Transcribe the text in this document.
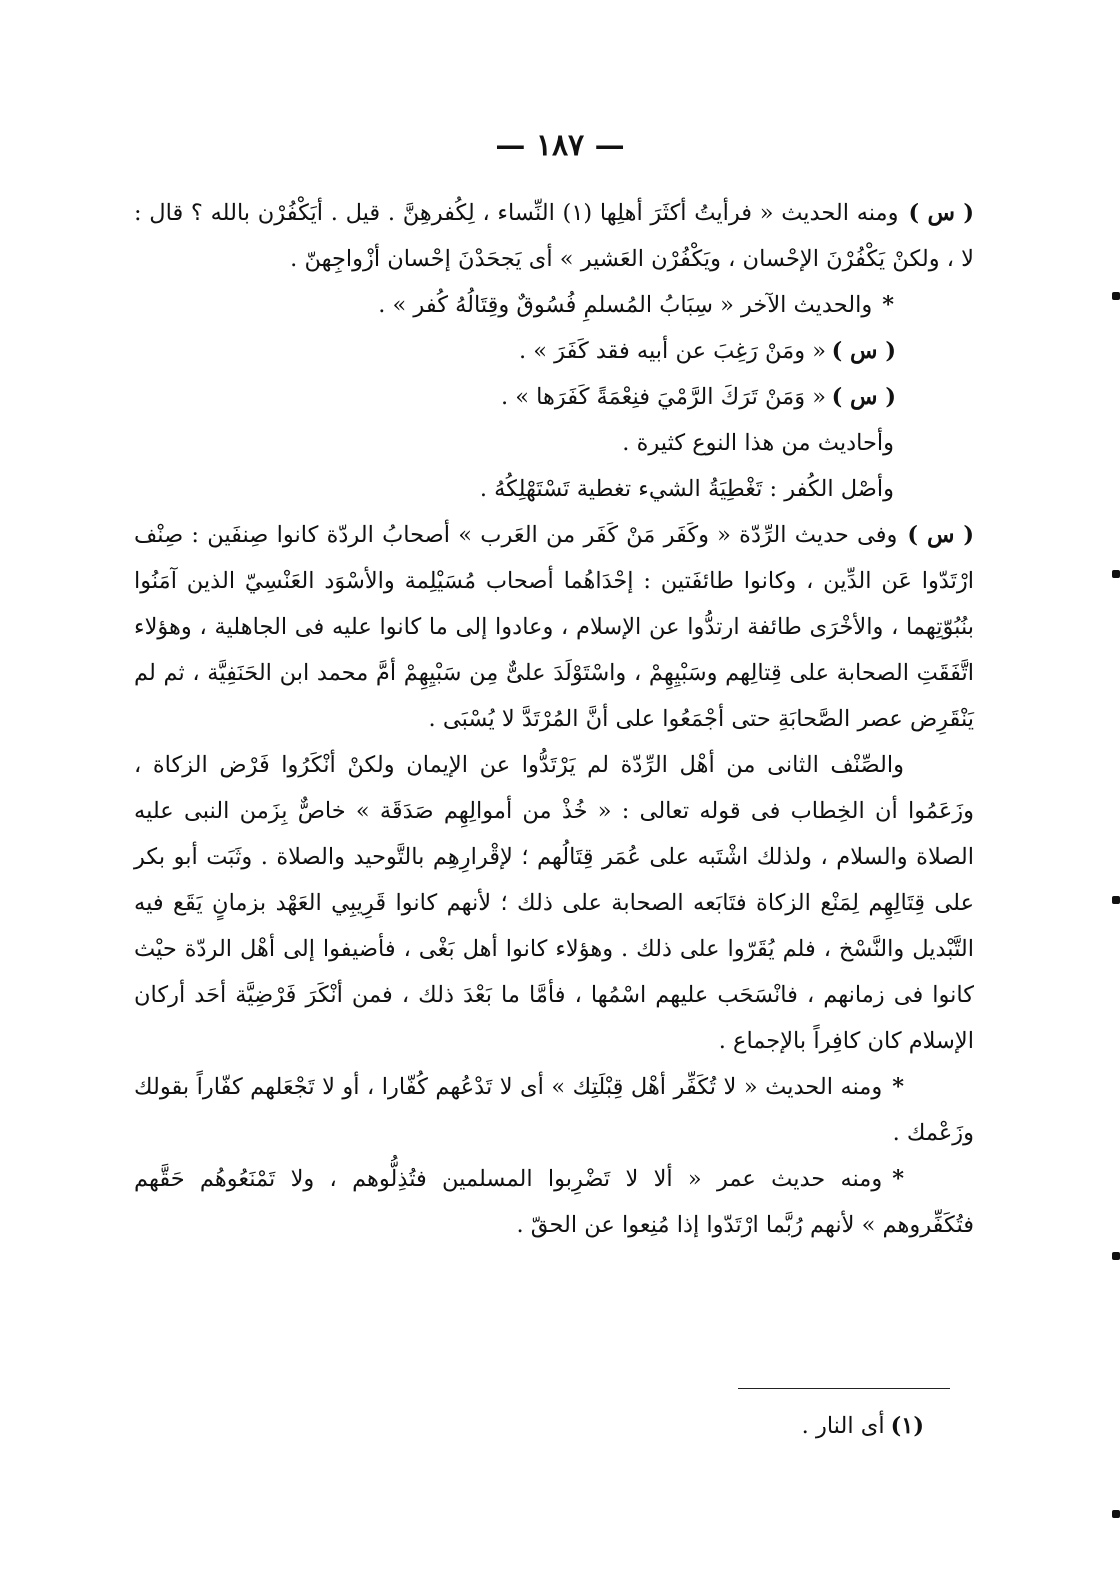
— ١٨٧ —

( س )ومنه الحديث « فرأيتُ أكثَرَ أهلِها (١) النِّساء ، لِكُفرهِنَّ . قيل . أيَكْفُرْن بالله ؟ قال : لا ، ولكنْ يَكْفُرْنَ الإحْسان ، ويَكْفُرْن العَشير » أى يَجحَدْنَ إحْسان أزْواجِهنّ .

*والحديث الآخر « سِبَابُ المُسلمِ فُسُوقٌ وقِتَالُهُ كُفر » .

( س )
« ومَنْ رَغِبَ عن أبيه فقد كَفَرَ » .
( س )
« وَمَنْ تَرَكَ الرَّمْيَ فنِعْمَةً كَفَرَها » .

وأحاديث من هذا النوع كثيرة .

وأصْل الكُفر : تَغْطِيَةُ الشيء تغطية تَسْتَهْلِكُهُ .

( س )وفى حديث الرِّدّة « وكَفَر مَنْ كَفَر من العَرب » أصحابُ الردّة كانوا صِنفَين : صِنْف ارْتَدّوا عَن الدِّين ، وكانوا طائفَتين : إحْدَاهُما أصحاب مُسَيْلِمة والأسْوَد العَنْسِيّ الذين آمَنُوا بنُبُوّتِهما ، والأخْرَى طائفة ارتدُّوا عن الإسلام ، وعادوا إلى ما كانوا عليه فى الجاهلية ، وهؤلاء اتَّفَقَتِ الصحابة على قِتالِهم وسَبْيِهِمْ ، واسْتَوْلَدَ علىٌّ مِن سَبْيِهِمْ أمَّ محمد ابن الحَنَفِيَّة ، ثم لم يَنْقَرِض عصر الصَّحابَةِ حتى أجْمَعُوا على أنَّ المُرْتَدَّ لا يُسْبَى .

والصِّنْف الثانى من أهْل الرِّدّة لم يَرْتَدُّوا عن الإيمان ولكنْ أنْكَرُوا فَرْض الزكاة ، وزَعَمُوا أن الخِطاب فى قوله تعالى : « خُذْ من أموالِهِم صَدَقَة » خاصٌّ بِزَمن النبى عليه الصلاة والسلام ، ولذلك اشْتَبه على عُمَر قِتَالُهم ؛ لإقْرارِهِم بالتَّوحيد والصلاة . وثَبَت أبو بكر على قِتَالِهِم لِمَنْع الزكاة فتَابَعه الصحابة على ذلك ؛ لأنهم كانوا قَرِيبِي العَهْد بزمانٍ يَقَع فيه التَّبْديل والنَّسْخ ، فلم يُقَرّوا على ذلك . وهؤلاء كانوا أهل بَغْى ، فأضيفوا إلى أهْل الردّة حيْث كانوا فى زمانهم ، فانْسَحَب عليهم اسْمُها ، فأمَّا ما بَعْدَ ذلك ، فمن أنْكَرَ فَرْضِيَّة أحَد أركان الإسلام كان كافِراً بالإجماع .

*ومنه الحديث « لا تُكَفِّر أهْل قِبْلَتِك » أى لا تَدْعُهم كُفّارا ، أو لا تَجْعَلهم كفّاراً بقولك وزَعْمك .

*ومنه حديث عمر « ألا لا تَضْرِبوا المسلمين فتُذِلُّوهم ، ولا تَمْنَعُوهُم حَقَّهم فتُكَفِّروهم » لأنهم رُبَّما ارْتَدّوا إذا مُنِعوا عن الحقّ .

(١)أى النار .
